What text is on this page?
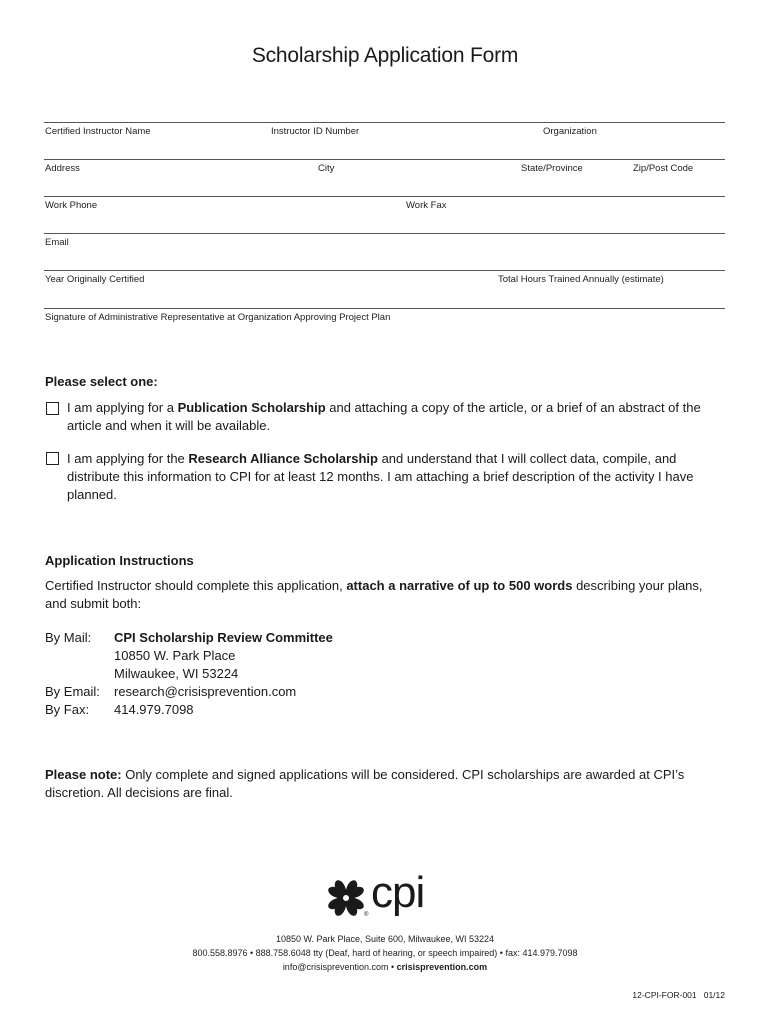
Scholarship Application Form
Certified Instructor Name	Instructor ID Number	Organization
Address	City	State/Province	Zip/Post Code
Work Phone	Work Fax
Email
Year Originally Certified	Total Hours Trained Annually (estimate)
Signature of Administrative Representative at Organization Approving Project Plan
Please select one:
I am applying for a Publication Scholarship and attaching a copy of the article, or a brief of an abstract of the article and when it will be available.
I am applying for the Research Alliance Scholarship and understand that I will collect data, compile, and distribute this information to CPI for at least 12 months. I am attaching a brief description of the activity I have planned.
Application Instructions
Certified Instructor should complete this application, attach a narrative of up to 500 words describing your plans, and submit both:
By Mail: CPI Scholarship Review Committee
10850 W. Park Place
Milwaukee, WI 53224
By Email: research@crisisprevention.com
By Fax: 414.979.7098
Please note: Only complete and signed applications will be considered. CPI scholarships are awarded at CPI’s discretion. All decisions are final.
cpi
®
10850 W. Park Place, Suite 600, Milwaukee, WI 53224
800.558.8976 • 888.758.6048 tty (Deaf, hard of hearing, or speech impaired) • fax: 414.979.7098
info@crisisprevention.com • crisisprevention.com
12-CPI-FOR-001   01/12
